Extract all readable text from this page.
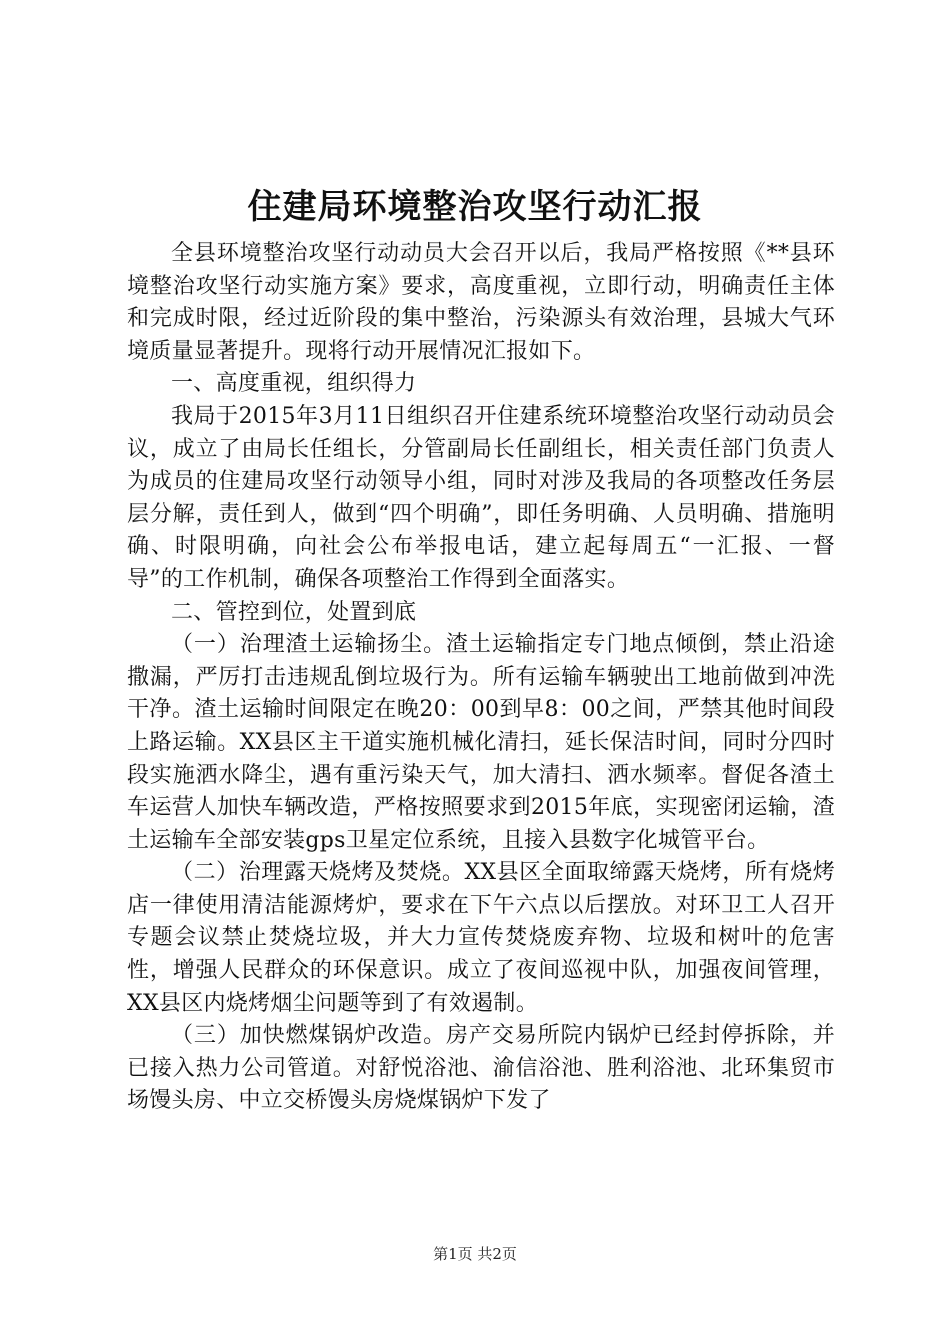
住建局环境整治攻坚行动汇报

全县环境整治攻坚行动动员大会召开以后，我局严格按照《**县环境整治攻坚行动实施方案》要求，高度重视，立即行动，明确责任主体和完成时限，经过近阶段的集中整治，污染源头有效治理，县城大气环境质量显著提升。现将行动开展情况汇报如下。

一、高度重视，组织得力

我局于2015年3月11日组织召开住建系统环境整治攻坚行动动员会议，成立了由局长任组长，分管副局长任副组长，相关责任部门负责人为成员的住建局攻坚行动领导小组，同时对涉及我局的各项整改任务层层分解，责任到人，做到“四个明确”，即任务明确、人员明确、措施明确、时限明确，向社会公布举报电话，建立起每周五“一汇报、一督导”的工作机制，确保各项整治工作得到全面落实。

二、管控到位，处置到底

（一）治理渣土运输扬尘。渣土运输指定专门地点倾倒，禁止沿途撒漏，严厉打击违规乱倒垃圾行为。所有运输车辆驶出工地前做到冲洗干净。渣土运输时间限定在晚20：00到早8：00之间，严禁其他时间段上路运输。XX县区主干道实施机械化清扫，延长保洁时间，同时分四时段实施洒水降尘，遇有重污染天气，加大清扫、洒水频率。督促各渣土车运营人加快车辆改造，严格按照要求到2015年底，实现密闭运输，渣土运输车全部安装gps卫星定位系统，且接入县数字化城管平台。

（二）治理露天烧烤及焚烧。XX县区全面取缔露天烧烤，所有烧烤店一律使用清洁能源烤炉，要求在下午六点以后摆放。对环卫工人召开专题会议禁止焚烧垃圾，并大力宣传焚烧废弃物、垃圾和树叶的危害性，增强人民群众的环保意识。成立了夜间巡视中队，加强夜间管理，XX县区内烧烤烟尘问题等到了有效遏制。

（三）加快燃煤锅炉改造。房产交易所院内锅炉已经封停拆除，并已接入热力公司管道。对舒悦浴池、渝信浴池、胜利浴池、北环集贸市场馒头房、中立交桥馒头房烧煤锅炉下发了

第1页 共2页
